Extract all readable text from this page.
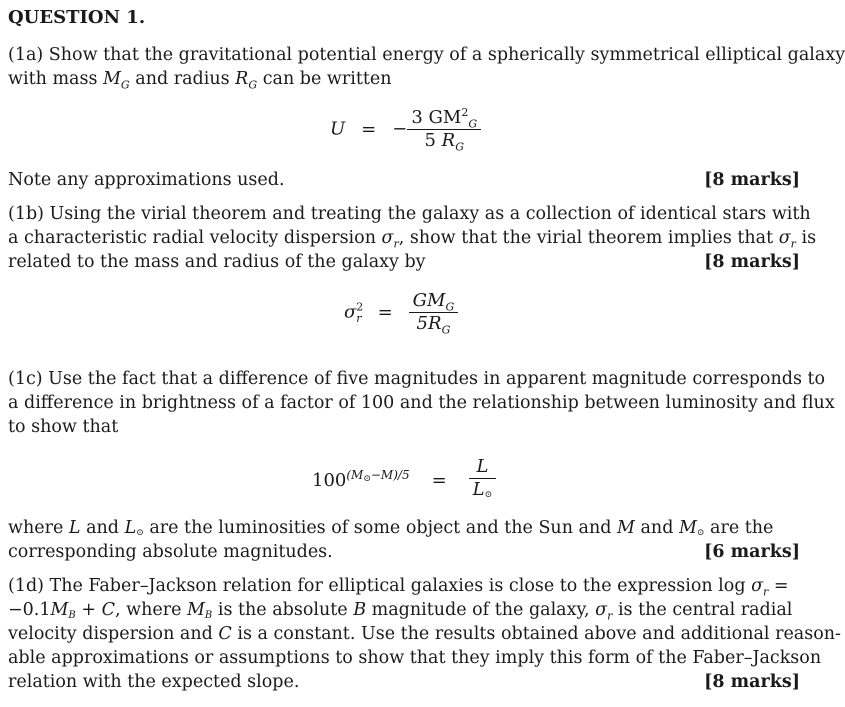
QUESTION 1.
(1a) Show that the gravitational potential energy of a spherically symmetrical elliptical galaxy
with mass $M_G$ and radius $R_G$ can be written
U = − $\frac{3 GM^2_G}{5 R_G}$
Note any approximations used.	[8 marks]
(1b) Using the virial theorem and treating the galaxy as a collection of identical stars with
a characteristic radial velocity dispersion $\sigma_r$, show that the virial theorem implies that $\sigma_r$ is
related to the mass and radius of the galaxy by	[8 marks]
$\sigma^2_r = \frac{GM_G}{5R_G}$
(1c) Use the fact that a difference of five magnitudes in apparent magnitude corresponds to
a difference in brightness of a factor of 100 and the relationship between luminosity and flux
to show that
$100^{(M⊙-M)/5} = \frac{L}{L⊙}$
where L and L⊙ are the luminosities of some object and the Sun and M and M⊙ are the
corresponding absolute magnitudes.	[6 marks]
(1d) The Faber–Jackson relation for elliptical galaxies is close to the expression $\log \sigma_r$ =
−0.1MB + C, where MB is the absolute B magnitude of the galaxy, $\sigma_r$ is the central radial
velocity dispersion and C is a constant. Use the results obtained above and additional reason-
able approximations or assumptions to show that they imply this form of the Faber–Jackson
relation with the expected slope.	[8 marks]
